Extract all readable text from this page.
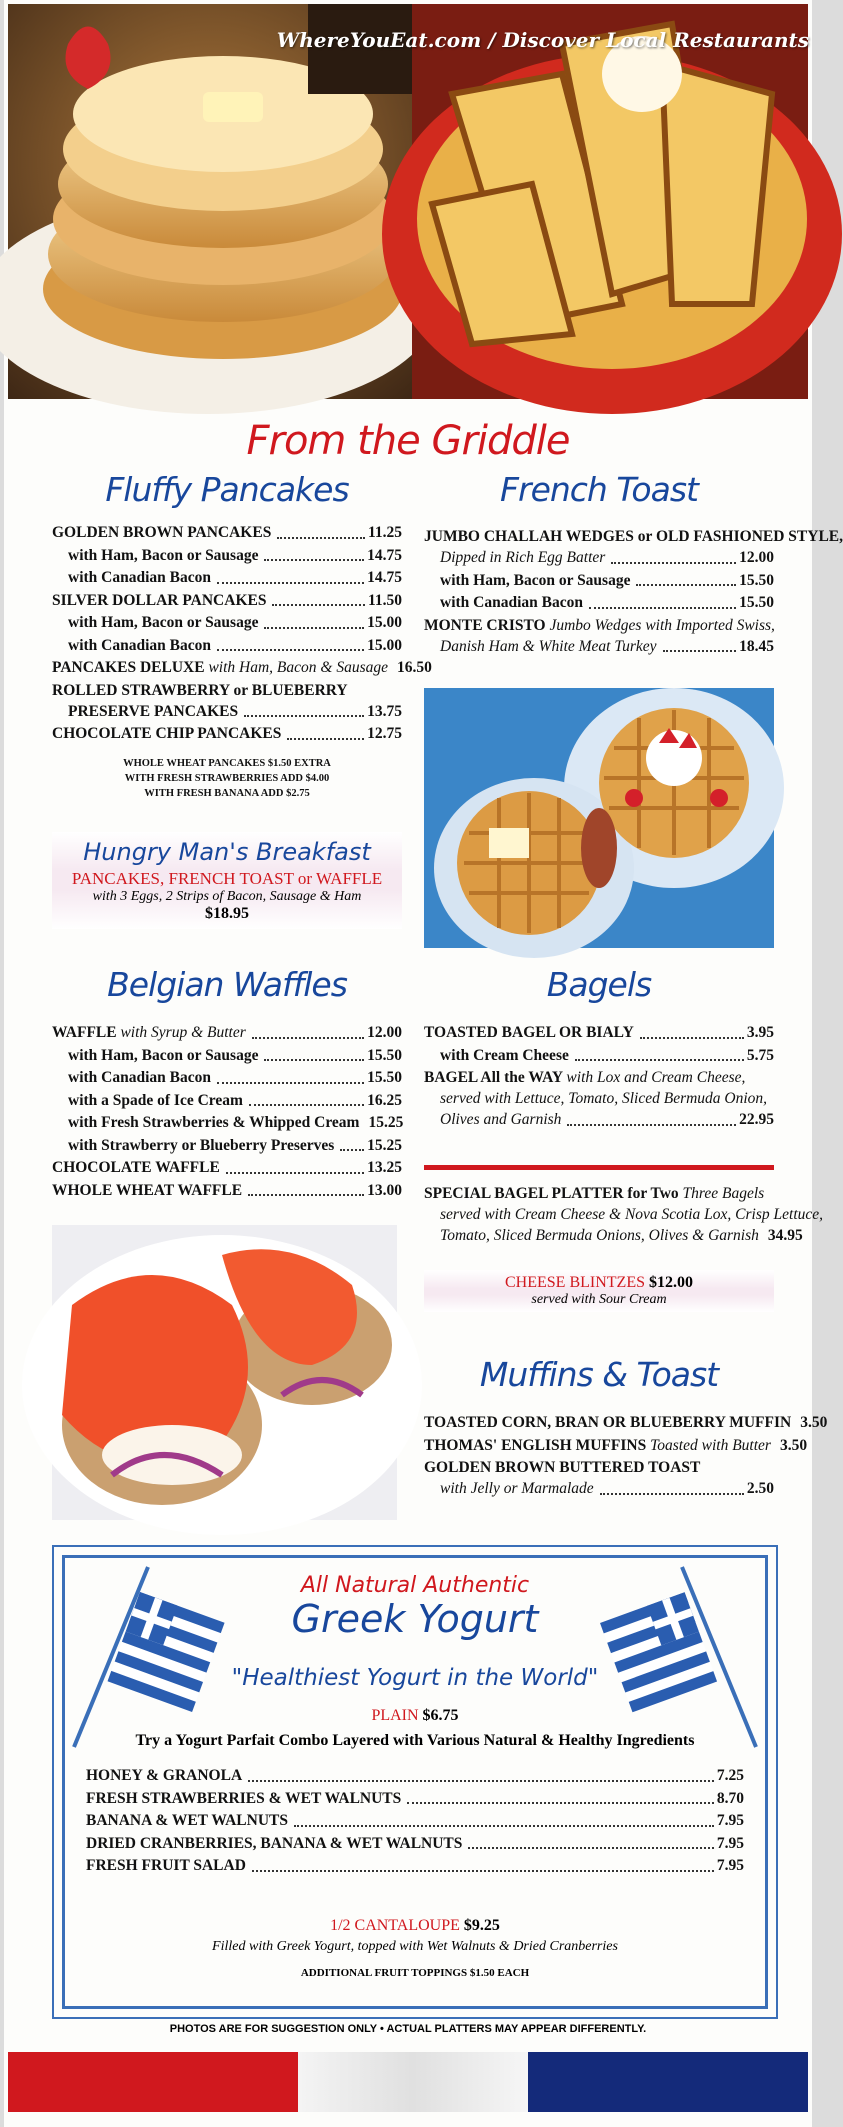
WhereYouEat.com / Discover Local Restaurants
From the Griddle
Fluffy Pancakes
GOLDEN BROWN PANCAKES	11.25
with Ham, Bacon or Sausage	14.75
with Canadian Bacon	14.75
SILVER DOLLAR PANCAKES	11.50
with Ham, Bacon or Sausage	15.00
with Canadian Bacon	15.00
PANCAKES DELUXE with Ham, Bacon & Sausage 16.50
ROLLED STRAWBERRY or BLUEBERRY
PRESERVE PANCAKES	13.75
CHOCOLATE CHIP PANCAKES	12.75
WHOLE WHEAT PANCAKES $1.50 EXTRA
WITH FRESH STRAWBERRIES ADD $4.00
WITH FRESH BANANA ADD $2.75
Hungry Man's Breakfast
PANCAKES, FRENCH TOAST or WAFFLE
with 3 Eggs, 2 Strips of Bacon, Sausage & Ham
$18.95
French Toast
JUMBO CHALLAH WEDGES or OLD FASHIONED STYLE,
Dipped in Rich Egg Batter	12.00
with Ham, Bacon or Sausage	15.50
with Canadian Bacon	15.50
MONTE CRISTO Jumbo Wedges with Imported Swiss,
Danish Ham & White Meat Turkey	18.45
Belgian Waffles
WAFFLE with Syrup & Butter	12.00
with Ham, Bacon or Sausage	15.50
with Canadian Bacon	15.50
with a Spade of Ice Cream	16.25
with Fresh Strawberries & Whipped Cream 15.25
with Strawberry or Blueberry Preserves 15.25
CHOCOLATE WAFFLE	13.25
WHOLE WHEAT WAFFLE	13.00
Bagels
TOASTED BAGEL OR BIALY	3.95
with Cream Cheese	5.75
BAGEL All the WAY with Lox and Cream Cheese,
served with Lettuce, Tomato, Sliced Bermuda Onion,
Olives and Garnish	22.95
SPECIAL BAGEL PLATTER for Two Three Bagels
served with Cream Cheese & Nova Scotia Lox, Crisp Lettuce,
Tomato, Sliced Bermuda Onions, Olives & Garnish 34.95
CHEESE BLINTZES $12.00
served with Sour Cream
Muffins & Toast
TOASTED CORN, BRAN OR BLUEBERRY MUFFIN 3.50
THOMAS' ENGLISH MUFFINS Toasted with Butter 3.50
GOLDEN BROWN BUTTERED TOAST
with Jelly or Marmalade	2.50
All Natural Authentic
Greek Yogurt
"Healthiest Yogurt in the World"
PLAIN $6.75
Try a Yogurt Parfait Combo Layered with Various Natural & Healthy Ingredients
HONEY & GRANOLA	7.25
FRESH STRAWBERRIES & WET WALNUTS	8.70
BANANA & WET WALNUTS	7.95
DRIED CRANBERRIES, BANANA & WET WALNUTS	7.95
FRESH FRUIT SALAD	7.95
1/2 CANTALOUPE $9.25
Filled with Greek Yogurt, topped with Wet Walnuts & Dried Cranberries
ADDITIONAL FRUIT TOPPINGS $1.50 EACH
PHOTOS ARE FOR SUGGESTION ONLY • ACTUAL PLATTERS MAY APPEAR DIFFERENTLY.
